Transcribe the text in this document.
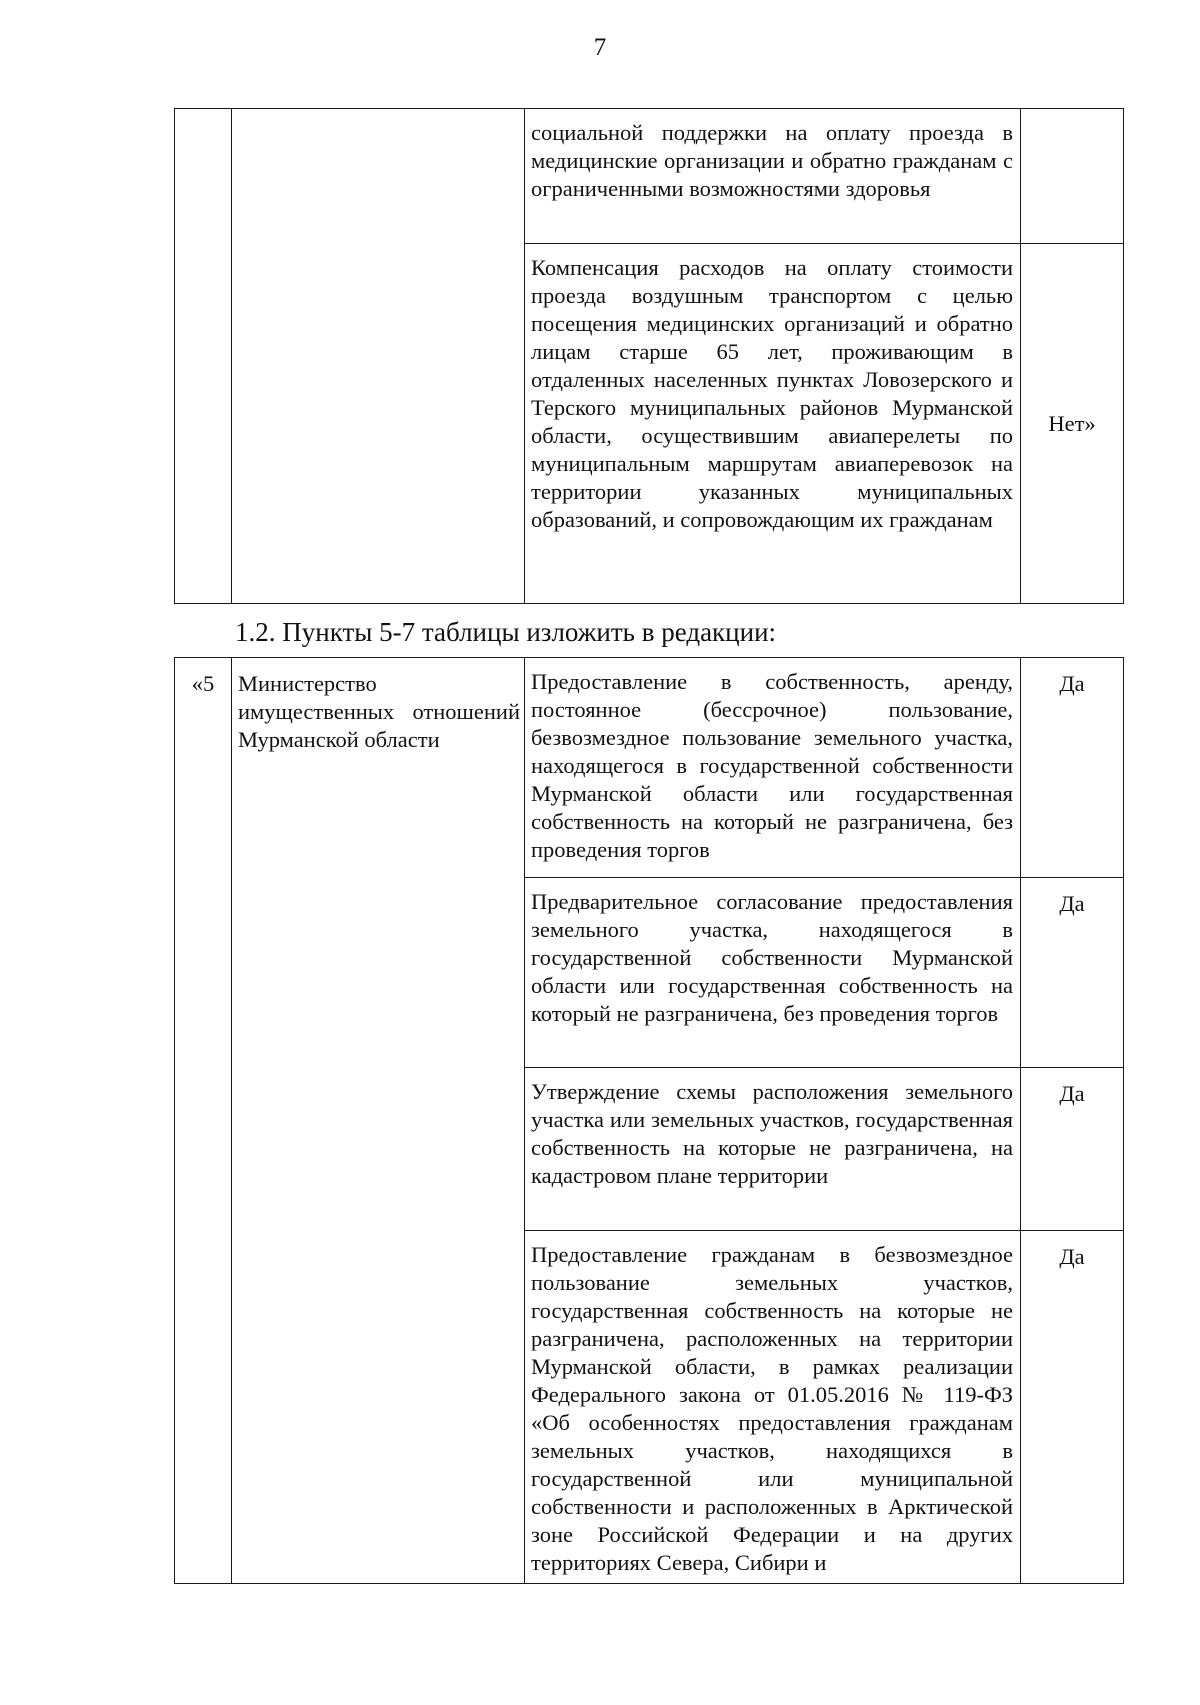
7
		социальной поддержки на оплату проезда в медицинские организации и обратно гражданам с ограниченными возможностями здоровья	
		Компенсация расходов на оплату стоимости проезда воздушным транспортом с целью посещения медицинских организаций и обратно лицам старше 65 лет, проживающим в отдаленных населенных пунктах Ловозерского и Терского муниципальных районов Мурманской области, осуществившим авиаперелеты по муниципальным маршрутам авиаперевозок на территории указанных муниципальных образований, и сопровождающим их гражданам	Нет»
1.2. Пункты 5-7 таблицы изложить в редакции:
«5	Министерство имущественных отношений Мурманской области	Предоставление в собственность, аренду, постоянное (бессрочное) пользование, безвозмездное пользование земельного участка, находящегося в государственной собственности Мурманской области или государственная собственность на который не разграничена, без проведения торгов	Да
		Предварительное согласование предоставления земельного участка, находящегося в государственной собственности Мурманской области или государственная собственность на который не разграничена, без проведения торгов	Да
		Утверждение схемы расположения земельного участка или земельных участков, государственная собственность на которые не разграничена, на кадастровом плане территории	Да
		Предоставление гражданам в безвозмездное пользование земельных участков, государственная собственность на которые не разграничена, расположенных на территории Мурманской области, в рамках реализации Федерального закона от 01.05.2016 № 119-ФЗ «Об особенностях предоставления гражданам земельных участков, находящихся в государственной или муниципальной собственности и расположенных в Арктической зоне Российской Федерации и на других территориях Севера, Сибири и	Да
